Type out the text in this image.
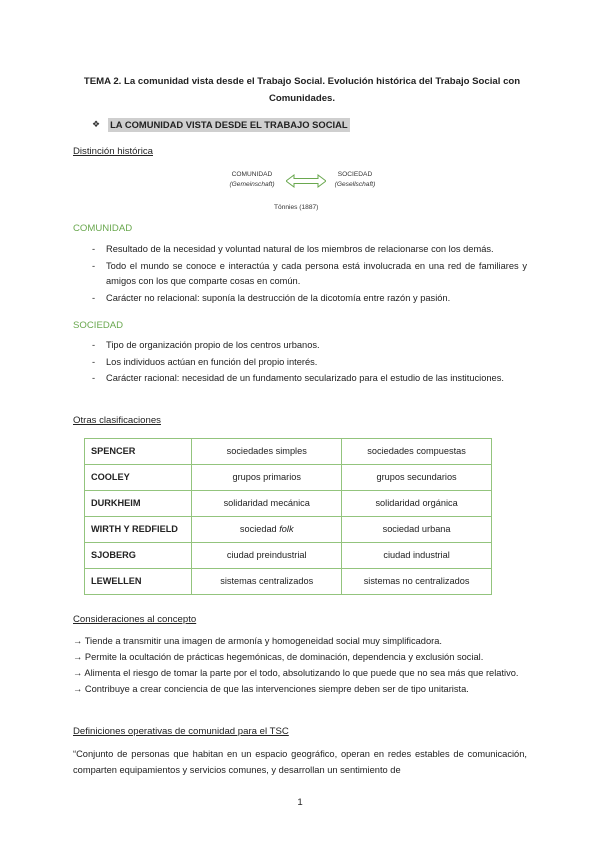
TEMA 2. La comunidad vista desde el Trabajo Social. Evolución histórica del Trabajo Social con Comunidades.
❖ LA COMUNIDAD VISTA DESDE EL TRABAJO SOCIAL
Distinción histórica
COMUNIDAD
(Gemeinschaft)
SOCIEDAD
(Gesellschaft)
Tönnies (1887)
COMUNIDAD
- Resultado de la necesidad y voluntad natural de los miembros de relacionarse con los demás.
- Todo el mundo se conoce e interactúa y cada persona está involucrada en una red de familiares y amigos con los que comparte cosas en común.
- Carácter no relacional: suponía la destrucción de la dicotomía entre razón y pasión.
SOCIEDAD
- Tipo de organización propio de los centros urbanos.
- Los individuos actúan en función del propio interés.
- Carácter racional: necesidad de un fundamento secularizado para el estudio de las instituciones.
Otras clasificaciones
SPENCER	sociedades simples	sociedades compuestas
COOLEY	grupos primarios	grupos secundarios
DURKHEIM	solidaridad mecánica	solidaridad orgánica
WIRTH Y REDFIELD	sociedad folk	sociedad urbana
SJOBERG	ciudad preindustrial	ciudad industrial
LEWELLEN	sistemas centralizados	sistemas no centralizados
Consideraciones al concepto
→ Tiende a transmitir una imagen de armonía y homogeneidad social muy simplificadora.
→ Permite la ocultación de prácticas hegemónicas, de dominación, dependencia y exclusión social.
→ Alimenta el riesgo de tomar la parte por el todo, absolutizando lo que puede que no sea más que relativo.
→ Contribuye a crear conciencia de que las intervenciones siempre deben ser de tipo unitarista.
Definiciones operativas de comunidad para el TSC
“Conjunto de personas que habitan en un espacio geográfico, operan en redes estables de comunicación, comparten equipamientos y servicios comunes, y desarrollan un sentimiento de
1
